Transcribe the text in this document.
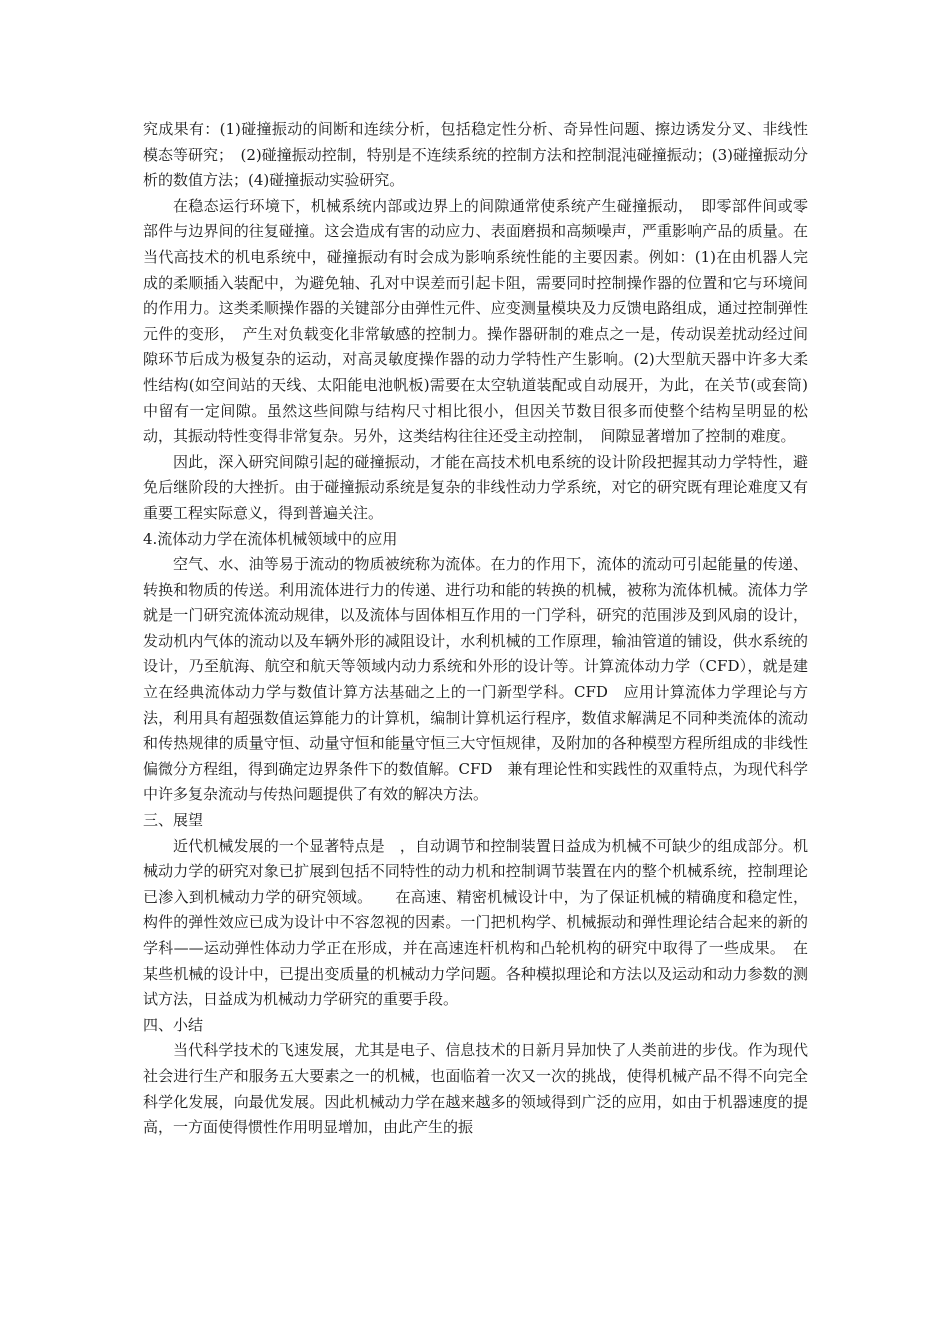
究成果有：(1)碰撞振动的间断和连续分析，包括稳定性分析、奇异性问题、擦边诱发分叉、非线性模态等研究；　(2)碰撞振动控制，特别是不连续系统的控制方法和控制混沌碰撞振动；(3)碰撞振动分析的数值方法；(4)碰撞振动实验研究。

在稳态运行环境下，机械系统内部或边界上的间隙通常使系统产生碰撞振动，　即零部件间或零部件与边界间的往复碰撞。这会造成有害的动应力、表面磨损和高频噪声，严重影响产品的质量。在当代高技术的机电系统中，碰撞振动有时会成为影响系统性能的主要因素。例如：(1)在由机器人完成的柔顺插入装配中，为避免轴、孔对中误差而引起卡阻，需要同时控制操作器的位置和它与环境间的作用力。这类柔顺操作器的关键部分由弹性元件、应变测量模块及力反馈电路组成，通过控制弹性元件的变形，　产生对负载变化非常敏感的控制力。操作器研制的难点之一是，传动误差扰动经过间隙环节后成为极复杂的运动，对高灵敏度操作器的动力学特性产生影响。(2)大型航天器中许多大柔性结构(如空间站的天线、太阳能电池帆板)需要在太空轨道装配或自动展开，为此，在关节(或套筒)中留有一定间隙。虽然这些间隙与结构尺寸相比很小，但因关节数目很多而使整个结构呈明显的松动，其振动特性变得非常复杂。另外，这类结构往往还受主动控制，　间隙显著增加了控制的难度。

因此，深入研究间隙引起的碰撞振动，才能在高技术机电系统的设计阶段把握其动力学特性，避免后继阶段的大挫折。由于碰撞振动系统是复杂的非线性动力学系统，对它的研究既有理论难度又有重要工程实际意义，得到普遍关注。

4.流体动力学在流体机械领域中的应用

空气、水、油等易于流动的物质被统称为流体。在力的作用下，流体的流动可引起能量的传递、转换和物质的传送。利用流体进行力的传递、进行功和能的转换的机械，被称为流体机械。流体力学就是一门研究流体流动规律，以及流体与固体相互作用的一门学科，研究的范围涉及到风扇的设计，发动机内气体的流动以及车辆外形的减阻设计，水利机械的工作原理，输油管道的铺设，供水系统的设计，乃至航海、航空和航天等领域内动力系统和外形的设计等。计算流体动力学（CFD），就是建立在经典流体动力学与数值计算方法基础之上的一门新型学科。CFD　应用计算流体力学理论与方法，利用具有超强数值运算能力的计算机，编制计算机运行程序，数值求解满足不同种类流体的流动和传热规律的质量守恒、动量守恒和能量守恒三大守恒规律，及附加的各种模型方程所组成的非线性偏微分方程组，得到确定边界条件下的数值解。CFD　兼有理论性和实践性的双重特点，为现代科学中许多复杂流动与传热问题提供了有效的解决方法。

三、展望

近代机械发展的一个显著特点是　，自动调节和控制装置日益成为机械不可缺少的组成部分。机械动力学的研究对象已扩展到包括不同特性的动力机和控制调节装置在内的整个机械系统，控制理论已渗入到机械动力学的研究领域。　　在高速、精密机械设计中，为了保证机械的精确度和稳定性，构件的弹性效应已成为设计中不容忽视的因素。一门把机构学、机械振动和弹性理论结合起来的新的学科——运动弹性体动力学正在形成，并在高速连杆机构和凸轮机构的研究中取得了一些成果。　在某些机械的设计中，已提出变质量的机械动力学问题。各种模拟理论和方法以及运动和动力参数的测试方法，日益成为机械动力学研究的重要手段。

四、小结

当代科学技术的飞速发展，尤其是电子、信息技术的日新月异加快了人类前进的步伐。作为现代社会进行生产和服务五大要素之一的机械，也面临着一次又一次的挑战，使得机械产品不得不向完全科学化发展，向最优发展。因此机械动力学在越来越多的领域得到广泛的应用，如由于机器速度的提高，一方面使得惯性作用明显增加，由此产生的振
